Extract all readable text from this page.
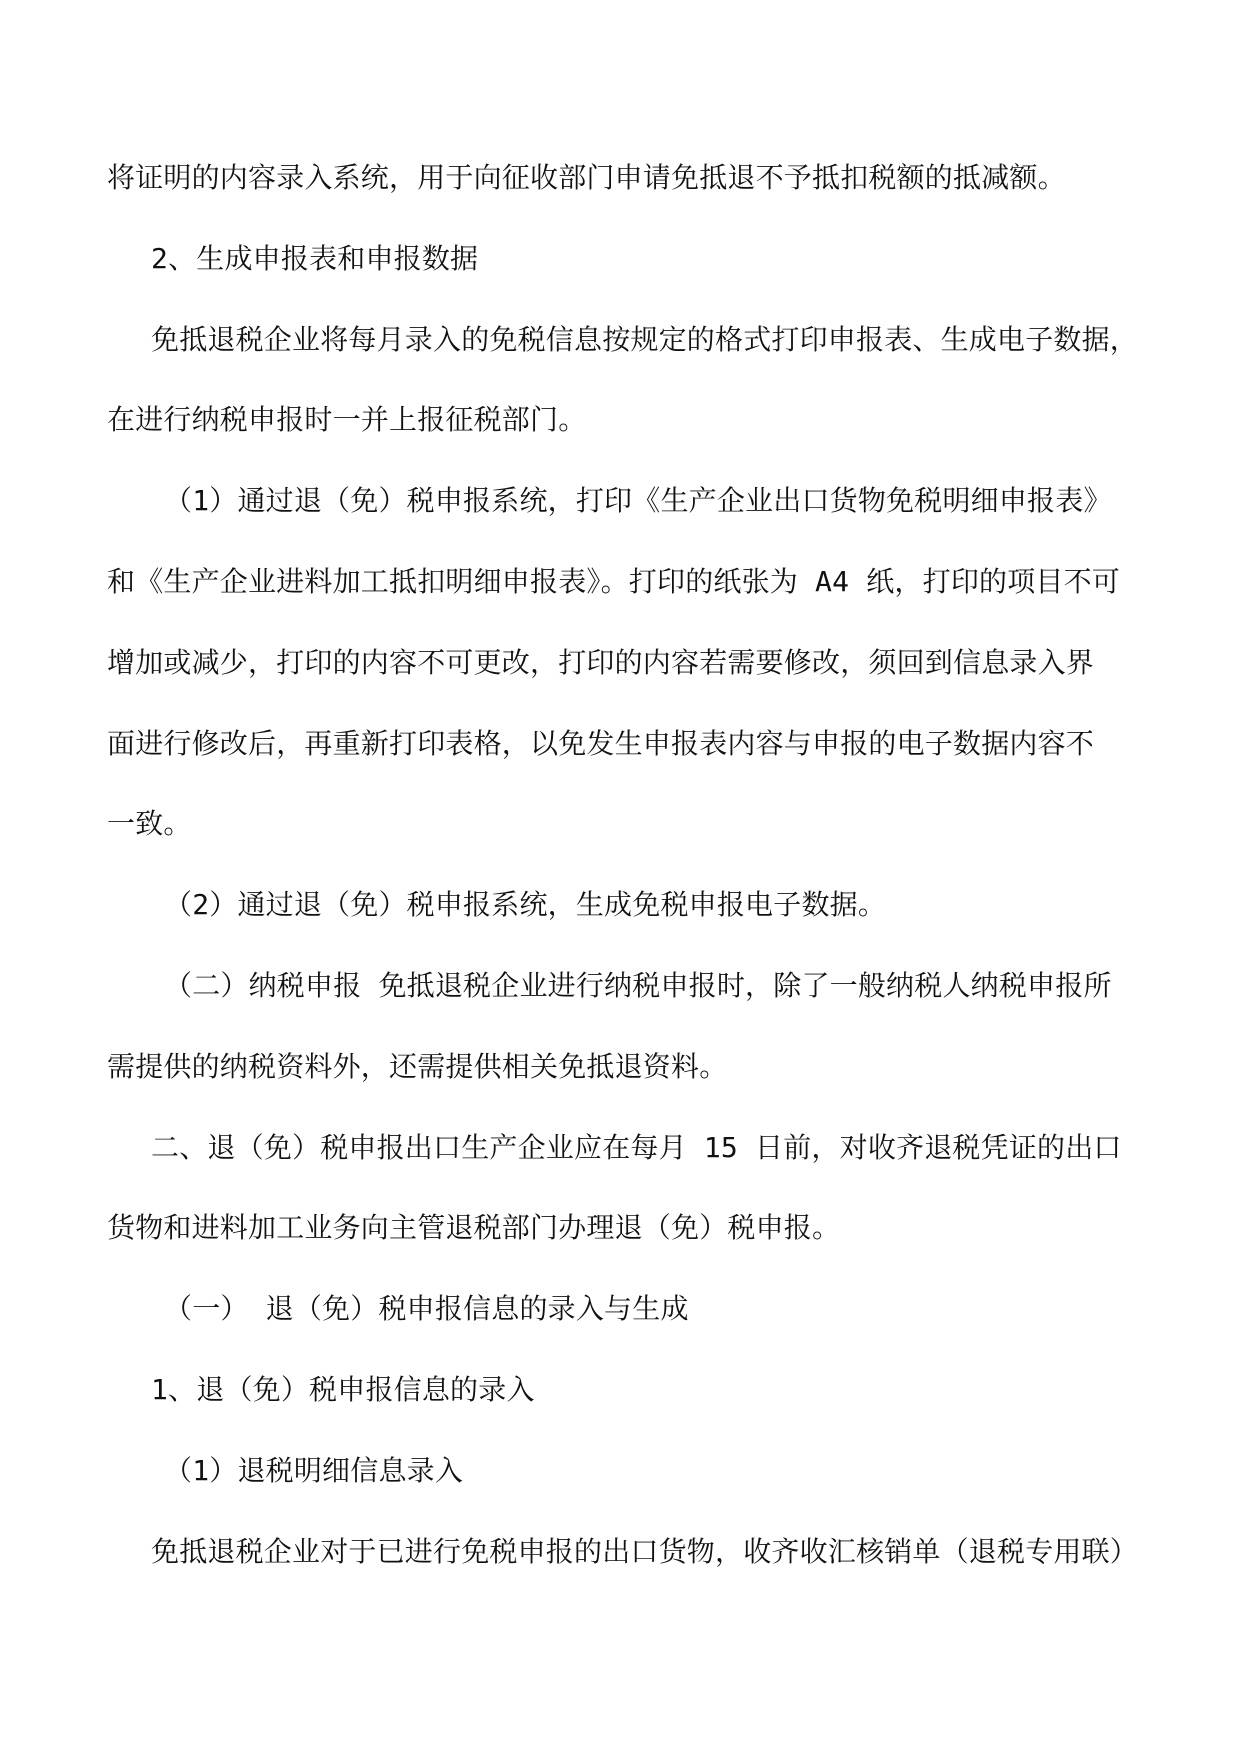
将证明的内容录入系统，用于向征收部门申请免抵退不予抵扣税额的抵减额。
2、生成申报表和申报数据
免抵退税企业将每月录入的免税信息按规定的格式打印申报表、生成电子数据，
在进行纳税申报时一并上报征税部门。
（1）通过退（免）税申报系统，打印《生产企业出口货物免税明细申报表》
和《生产企业进料加工抵扣明细申报表》。打印的纸张为 A4 纸，打印的项目不可
增加或减少，打印的内容不可更改，打印的内容若需要修改，须回到信息录入界
面进行修改后，再重新打印表格，以免发生申报表内容与申报的电子数据内容不
一致。
（2）通过退（免）税申报系统，生成免税申报电子数据。
（二）纳税申报 免抵退税企业进行纳税申报时，除了一般纳税人纳税申报所
需提供的纳税资料外，还需提供相关免抵退资料。
二、退（免）税申报出口生产企业应在每月 15 日前，对收齐退税凭证的出口
货物和进料加工业务向主管退税部门办理退（免）税申报。
（一） 退（免）税申报信息的录入与生成
1、退（免）税申报信息的录入
（1）退税明细信息录入
免抵退税企业对于已进行免税申报的出口货物，收齐收汇核销单（退税专用联）
